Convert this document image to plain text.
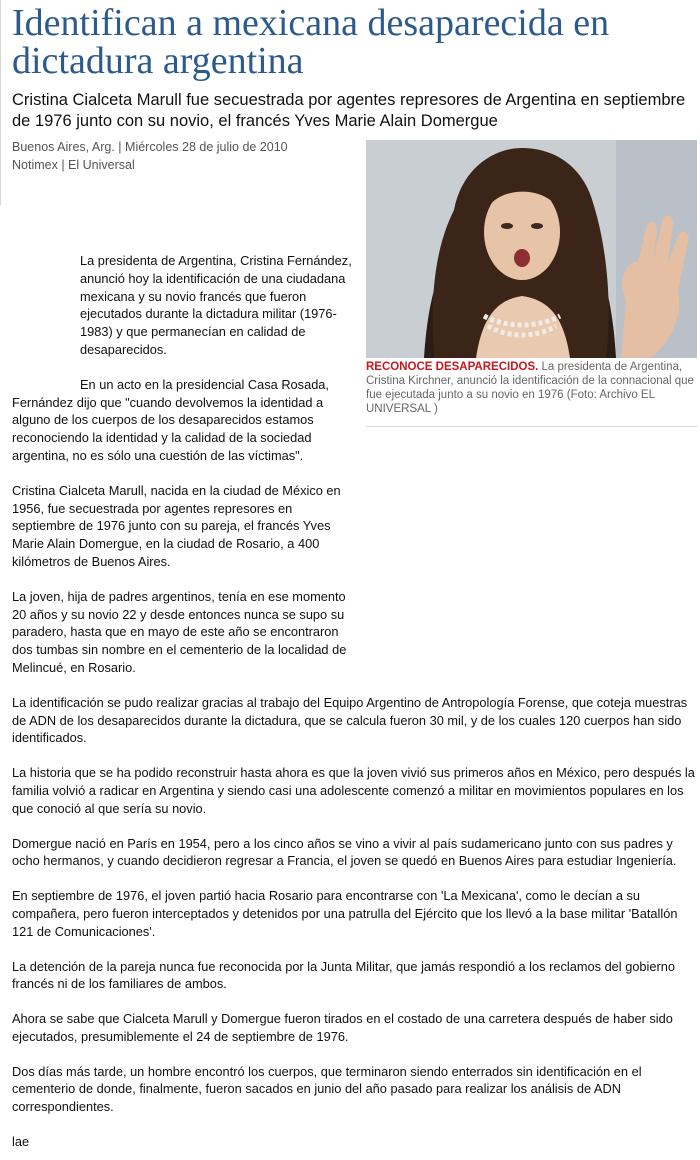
Identifican a mexicana desaparecida en dictadura argentina

Cristina Cialceta Marull fue secuestrada por agentes represores de Argentina en septiembre de 1976 junto con su novio, el francés Yves Marie Alain Domergue

Buenos Aires, Arg. | Miércoles 28 de julio de 2010
Notimex | El Universal
RECONOCE DESAPARECIDOS. La presidenta de Argentina, Cristina Kirchner, anunció la identificación de la connacional que fue ejecutada junto a su novio en 1976 (Foto: Archivo EL UNIVERSAL )

La presidenta de Argentina, Cristina Fernández, anunció hoy la identificación de una ciudadana mexicana y su novio francés que fueron ejecutados durante la dictadura militar (1976-1983) y que permanecían en calidad de desaparecidos.

En un acto en la presidencial Casa Rosada, Fernández dijo que "cuando devolvemos la identidad a alguno de los cuerpos de los desaparecidos estamos reconociendo la identidad y la calidad de la sociedad argentina, no es sólo una cuestión de las víctimas".

Cristina Cialceta Marull, nacida en la ciudad de México en 1956, fue secuestrada por agentes represores en septiembre de 1976 junto con su pareja, el francés Yves Marie Alain Domergue, en la ciudad de Rosario, a 400 kilómetros de Buenos Aires.

La joven, hija de padres argentinos, tenía en ese momento 20 años y su novio 22 y desde entonces nunca se supo su paradero, hasta que en mayo de este año se encontraron dos tumbas sin nombre en el cementerio de la localidad de Melincué, en Rosario.

La identificación se pudo realizar gracias al trabajo del Equipo Argentino de Antropología Forense, que coteja muestras de ADN de los desaparecidos durante la dictadura, que se calcula fueron 30 mil, y de los cuales 120 cuerpos han sido identificados.

La historia que se ha podido reconstruir hasta ahora es que la joven vivió sus primeros años en México, pero después la familia volvió a radicar en Argentina y siendo casi una adolescente comenzó a militar en movimientos populares en los que conoció al que sería su novio.

Domergue nació en París en 1954, pero a los cinco años se vino a vivir al país sudamericano junto con sus padres y ocho hermanos, y cuando decidieron regresar a Francia, el joven se quedó en Buenos Aires para estudiar Ingeniería.

En septiembre de 1976, el joven partió hacia Rosario para encontrarse con 'La Mexicana', como le decían a su compañera, pero fueron interceptados y detenidos por una patrulla del Ejército que los llevó a la base militar 'Batallón 121 de Comunicaciones'.

La detención de la pareja nunca fue reconocida por la Junta Militar, que jamás respondió a los reclamos del gobierno francés ni de los familiares de ambos.

Ahora se sabe que Cialceta Marull y Domergue fueron tirados en el costado de una carretera después de haber sido ejecutados, presumiblemente el 24 de septiembre de 1976.

Dos días más tarde, un hombre encontró los cuerpos, que terminaron siendo enterrados sin identificación en el cementerio de donde, finalmente, fueron sacados en junio del año pasado para realizar los análisis de ADN correspondientes.

lae
